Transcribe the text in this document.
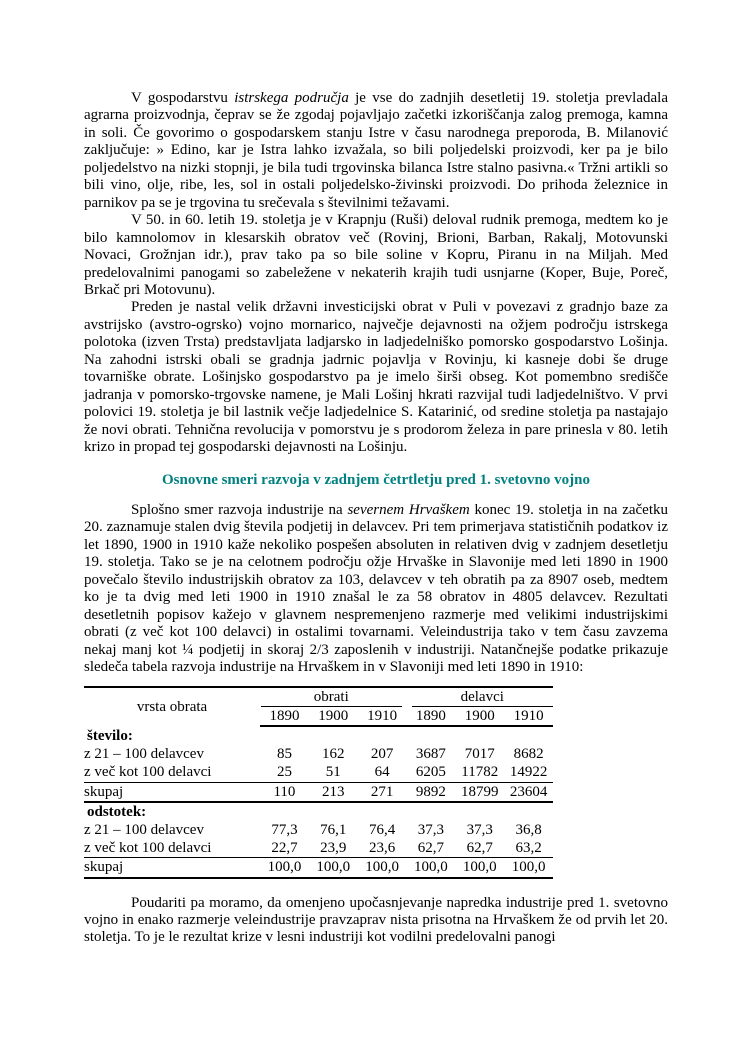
V gospodarstvu istrskega područja je vse do zadnjih desetletij 19. stoletja prevladala agrarna proizvodnja, čeprav se že zgodaj pojavljajo začetki izkoriščanja zalog premoga, kamna in soli. Če govorimo o gospodarskem stanju Istre v času narodnega preporoda, B. Milanović zaključuje: » Edino, kar je Istra lahko izvažala, so bili poljedelski proizvodi, ker pa je bilo poljedelstvo na nizki stopnji, je bila tudi trgovinska bilanca Istre stalno pasivna.« Tržni artikli so bili vino, olje, ribe, les, sol in ostali poljedelsko-živinski proizvodi. Do prihoda železnice in parnikov pa se je trgovina tu srečevala s številnimi težavami.

V 50. in 60. letih 19. stoletja je v Krapnju (Ruši) deloval rudnik premoga, medtem ko je bilo kamnolomov in klesarskih obratov več (Rovinj, Brioni, Barban, Rakalj, Motovunski Novaci, Grožnjan idr.), prav tako pa so bile soline v Kopru, Piranu in na Miljah. Med predelovalnimi panogami so zabeležene v nekaterih krajih tudi usnjarne (Koper, Buje, Poreč, Brkač pri Motovunu).

Preden je nastal velik državni investicijski obrat v Puli v povezavi z gradnjo baze za avstrijsko (avstro-ogrsko) vojno mornarico, največje dejavnosti na ožjem področju istrskega polotoka (izven Trsta) predstavljata ladjarsko in ladjedelniško pomorsko gospodarstvo Lošinja. Na zahodni istrski obali se gradnja jadrnic pojavlja v Rovinju, ki kasneje dobi še druge tovarniške obrate. Lošinjsko gospodarstvo pa je imelo širši obseg. Kot pomembno središče jadranja v pomorsko-trgovske namene, je Mali Lošinj hkrati razvijal tudi ladjedelništvo. V prvi polovici 19. stoletja je bil lastnik večje ladjedelnice S. Katarinić, od sredine stoletja pa nastajajo že novi obrati. Tehnična revolucija v pomorstvu je s prodorom železa in pare prinesla v 80. letih krizo in propad tej gospodarski dejavnosti na Lošinju.

Osnovne smeri razvoja v zadnjem četrtletju pred 1. svetovno vojno

Splošno smer razvoja industrije na severnem Hrvaškem konec 19. stoletja in na začetku 20. zaznamuje stalen dvig števila podjetij in delavcev. Pri tem primerjava statističnih podatkov iz let 1890, 1900 in 1910 kaže nekoliko pospešen absoluten in relativen dvig v zadnjem desetletju 19. stoletja. Tako se je na celotnem področju ožje Hrvaške in Slavonije med leti 1890 in 1900 povečalo število industrijskih obratov za 103, delavcev v teh obratih pa za 8907 oseb, medtem ko je ta dvig med leti 1900 in 1910 znašal le za 58 obratov in 4805 delavcev. Rezultati desetletnih popisov kažejo v glavnem nespremenjeno razmerje med velikimi industrijskimi obrati (z več kot 100 delavci) in ostalimi tovarnami. Veleindustrija tako v tem času zavzema nekaj manj kot ¼ podjetij in skoraj 2/3 zaposlenih v industriji. Natančnejše podatke prikazuje sledeča tabela razvoja industrije na Hrvaškem in v Slavoniji med leti 1890 in 1910:

vrsta obrata	obrati			delavci		

	1890	1900	1910	1890	1900	1910
število:						
z 21 – 100 delavcev	85	162	207	3687	7017	8682
z več kot 100 delavci	25	51	64	6205	11782	14922
skupaj	110	213	271	9892	18799	23604
odstotek:						
z 21 – 100 delavcev	77,3	76,1	76,4	37,3	37,3	36,8
z več kot 100 delavci	22,7	23,9	23,6	62,7	62,7	63,2
skupaj	100,0	100,0	100,0	100,0	100,0	100,0

Poudariti pa moramo, da omenjeno upočasnjevanje napredka industrije pred 1. svetovno vojno in enako razmerje veleindustrije pravzaprav nista prisotna na Hrvaškem že od prvih let 20. stoletja. To je le rezultat krize v lesni industriji kot vodilni predelovalni panogi
